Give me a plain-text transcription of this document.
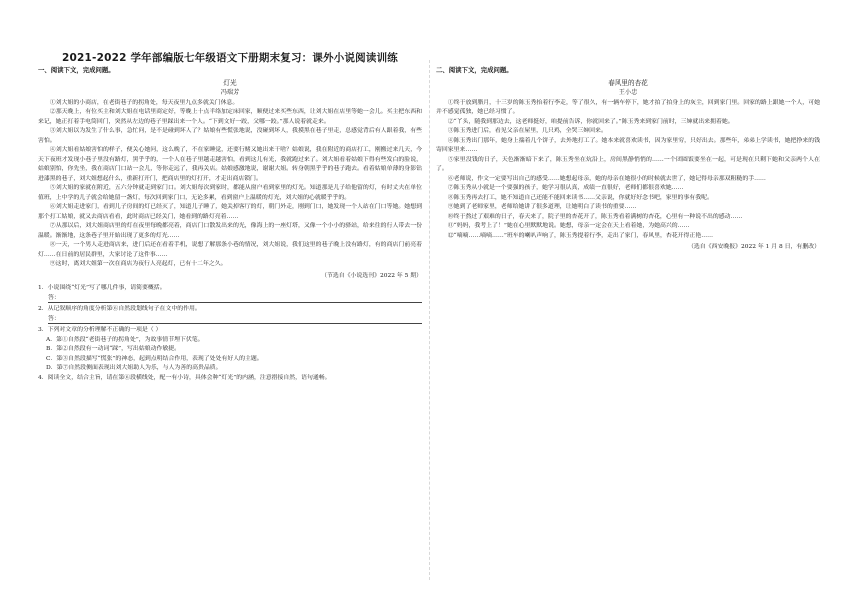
2021-2022 学年部编版七年级语文下册期末复习：课外小说阅读训练
一、阅读下文，完成问题。
灯光
冯瑞芳

①刘大姐的小商店，在老街巷子的拐角处，每天夜里九点多就关门休息。

②那天晚上，有位买主和刘大姐在电话里商定好，等晚上十点半络加定床回家，顺便过来买些东西，让刘大姐在店里等她一会儿。买主把东西和来记，她正打着手电筒回门，突然从左边的巷子里踩出来一个人。“下到文好一跤，父哪一跤。”那人说着就走来。

③刘大姐以为发生了什么事，急忙问，是不是碰到坏人了？姑娘有些慌张地说，没碰到坏人，我摸黑在巷子里走，总感觉背后有人跟着我，有些害怕。

④刘大姐看姑娘害怕的样子，便关心她问，这么晚了，不在家睡觉，还要行赌又她出来干啥？姑娘说，我在附近的商店打工，刚搬过来几天，今天下夜班才发现小巷子里没有路灯，黑乎乎的，一个人在巷子里越走越害怕，看到这儿有光，我就跑过来了。刘大姐看着姑娘下得有些发白的脸说，姑娘别怕，你先坐，我在商店门口站一会儿，等你走远了，我再关店。姑娘感激地说，谢谢大姐。转身朝黑乎乎的巷子跑去。看着姑娘单薄的身影钻进漆黑的巷子，刘大姐想起什么，重新打开门，把商店里的灯打开，才走出商店锁门。

⑤刘大姐的家就在附近，五六分钟就走到家门口。刘大姐每次到家时，都能从窗户看到家里的灯光。知道那是儿子给他留的灯，有时丈夫在单位值班，上中学的儿子就会给她留一盏灯，每次回到家门口，无论多累，看到窗户上温暖的灯光，刘大姐的心就暖乎乎的。

⑥刘大姐走进家门，看到儿子房间的灯已经灭了，知道儿子睡了，她关掉客厅的灯，朝门外走，刚到门口，她发现一个人站在门口等她。她想到那个打工姑娘，就又去商店看看，此时商店已经关门，她看到的路灯亮着……

⑦从那以后，刘大姐商店里的灯在夜里每晚都亮着，商店门口散发出来的光，像海上的一座灯塔，又像一个小小的驿站，给来往的行人带去一份温暖。渐渐地，这条巷子里开始出现了更多的灯光……

⑧一天，一个男人走进商店来，进门后还在看着手机，说想了解那条小巷的情况，刘大姐说，我们这里的巷子晚上没有路灯，有的商店门前亮着灯……在日前的居民群里，大家讨论了这件事……

⑨这时，离刘大姐第一次在商店为夜行人亮起灯，已有十二年之久。

（节选自《小说选刊》2022 年 5 期）

1．小说围绕“灯光”写了哪几件事，请简要概括。

答：

2．从记叙顺序的角度分析第⑥自然段划线句子在文中的作用。

答：

3．下列对文章的分析理解不正确的一项是（ ）

A．第①自然段“老街巷子的拐角处”，为故事情节埋下伏笔。

B．第②自然段有一动词“踩”，写出姑娘动作敏捷。

C．第③自然段描写“慌张”的神态，起到点明结合作用，表现了处处有好人的主题。

D．第⑦自然段侧面表现出刘大姐助人为乐，与人为善的高贵品质。

4．阅读全文，结合主旨，请在第⑥段横线处，配一有小诗，具体会种“灯光”的内涵，注意措接自然，语句通畅。

二、阅读下文，完成问题。
春风里的杏花
王小忠

①终于放到腊月，十三岁的陈玉秀抬着行李走，等了很久，有一辆车停下，她才拍了拍身上的灰尘，回到家门里。回家的路上跟她一个人，可她并不感觉孤独，她已经习惯了。

②“丫头，随我到那边去，这老师挺好，咱提前告诉，你就回来了。”陈玉秀来到家门前时，三婶就出来拥着她。

③陈玉秀进门后，看见父亲在屋里，几只鸡，全哭三婶回来。

④陈玉秀出门那年，她身上揣着几个饼子，去外地打工了。她本来就喜欢读书，因为家里穷，只好出去。那些年，弟弟上学读书，她把挣来的钱寄回家里来……

⑤家里没钱的日子，天色渐渐暗下来了，陈玉秀坐在炕沿上，房间黑静悄悄的……一个团圆饭要坐在一起，可是现在只剩下她和父亲两个人在了。

⑥老师说，作文一定要写出自己的感受……她想起母亲，她的母亲在她很小的时候就去世了，她记得母亲那双粗糙的手……

⑦陈玉秀从小就是一个要强的孩子，她学习很认真，成绩一直很好，老师们都很喜欢她……

⑧陈玉秀再去打工，她不知道自己还能不能回来读书……父亲说，你就好好念书吧，家里的事有我呢。

⑨她到了老师家里，老师给她讲了很多道理，让她明白了读书的重要……

⑩终于熬过了艰难的日子，春天来了，院子里的杏花开了，陈玉秀看着满树的杏花，心里有一种说不出的感动……

⑪“妈妈，我考上了！”她在心里默默地说。她想，母亲一定会在天上看着她，为她高兴的……

⑫“嘀嘀……嘀嘀……”班车的喇叭声响了，陈玉秀提着行李，走出了家门，春风里，杏花开得正艳……

（选自《西安晚报》2022 年 1 月 8 日，有删改）
